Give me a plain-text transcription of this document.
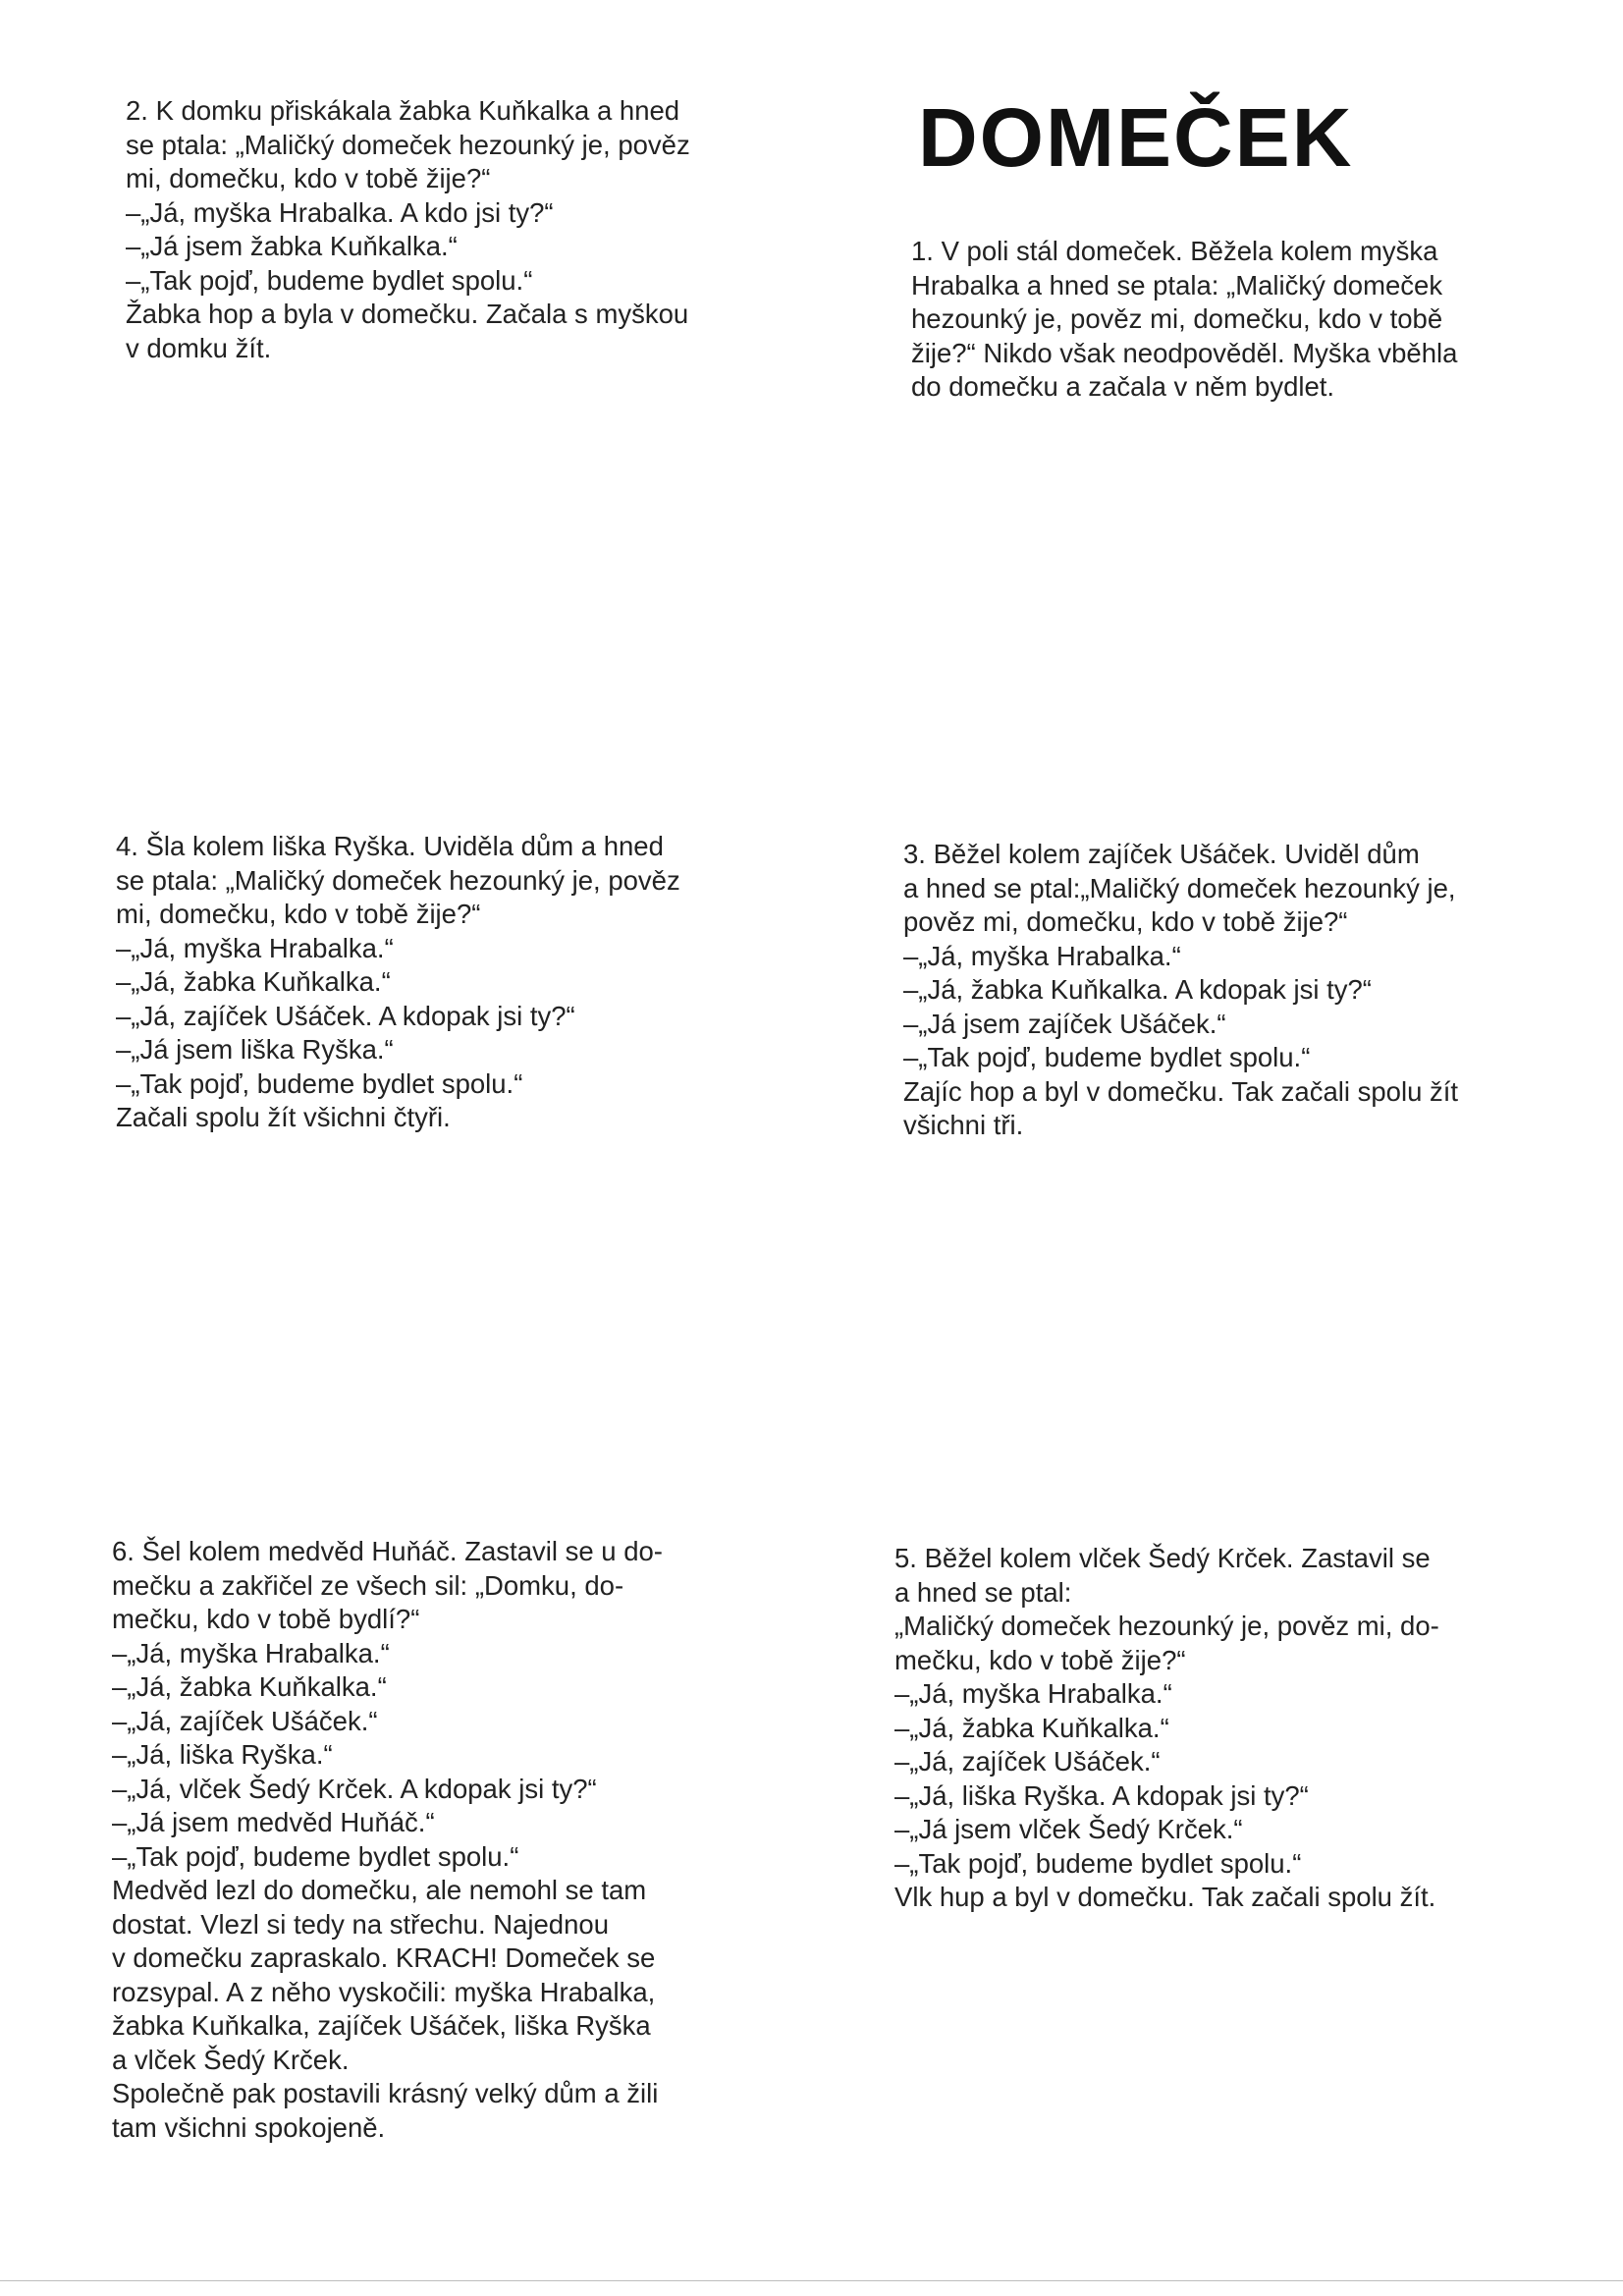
DOMEČEK

2. K domku přiskákala žabka Kuňkalka a hned

se ptala: „Maličký domeček hezounký je, pověz

mi, domečku, kdo v tobě žije?“

–„Já, myška Hrabalka. A kdo jsi ty?“

–„Já jsem žabka Kuňkalka.“

–„Tak pojď, budeme bydlet spolu.“

Žabka hop a byla v domečku. Začala s myškou

v domku žít.

1. V poli stál domeček. Běžela kolem myška

Hrabalka a hned se ptala: „Maličký domeček

hezounký je, pověz mi, domečku, kdo v tobě

žije?“ Nikdo však neodpověděl. Myška vběhla

do domečku a začala v něm bydlet.

4. Šla kolem liška Ryška. Uviděla dům a hned

se ptala: „Maličký domeček hezounký je, pověz

mi, domečku, kdo v tobě žije?“

–„Já, myška Hrabalka.“

–„Já, žabka Kuňkalka.“

–„Já, zajíček Ušáček. A kdopak jsi ty?“

–„Já jsem liška Ryška.“

–„Tak pojď, budeme bydlet spolu.“

Začali spolu žít všichni čtyři.

3. Běžel kolem zajíček Ušáček. Uviděl dům

a hned se ptal:„Maličký domeček hezounký je,

pověz mi, domečku, kdo v tobě žije?“

–„Já, myška Hrabalka.“

–„Já, žabka Kuňkalka. A kdopak jsi ty?“

–„Já jsem zajíček Ušáček.“

–„Tak pojď, budeme bydlet spolu.“

Zajíc hop a byl v domečku. Tak začali spolu žít

všichni tři.

6. Šel kolem medvěd Huňáč. Zastavil se u do-

mečku a zakřičel ze všech sil: „Domku, do-

mečku, kdo v tobě bydlí?“

–„Já, myška Hrabalka.“

–„Já, žabka Kuňkalka.“

–„Já, zajíček Ušáček.“

–„Já, liška Ryška.“

–„Já, vlček Šedý Krček. A kdopak jsi ty?“

–„Já jsem medvěd Huňáč.“

–„Tak pojď, budeme bydlet spolu.“

Medvěd lezl do domečku, ale nemohl se tam

dostat. Vlezl si tedy na střechu. Najednou

v domečku zapraskalo. KRACH! Domeček se

rozsypal. A z něho vyskočili: myška Hrabalka,

žabka Kuňkalka, zajíček Ušáček, liška Ryška

a vlček Šedý Krček.

Společně pak postavili krásný velký dům a žili

tam všichni spokojeně.

5. Běžel kolem vlček Šedý Krček. Zastavil se

a hned se ptal:

„Maličký domeček hezounký je, pověz mi, do-

mečku, kdo v tobě žije?“

–„Já, myška Hrabalka.“

–„Já, žabka Kuňkalka.“

–„Já, zajíček Ušáček.“

–„Já, liška Ryška. A kdopak jsi ty?“

–„Já jsem vlček Šedý Krček.“

–„Tak pojď, budeme bydlet spolu.“

Vlk hup a byl v domečku. Tak začali spolu žít.
